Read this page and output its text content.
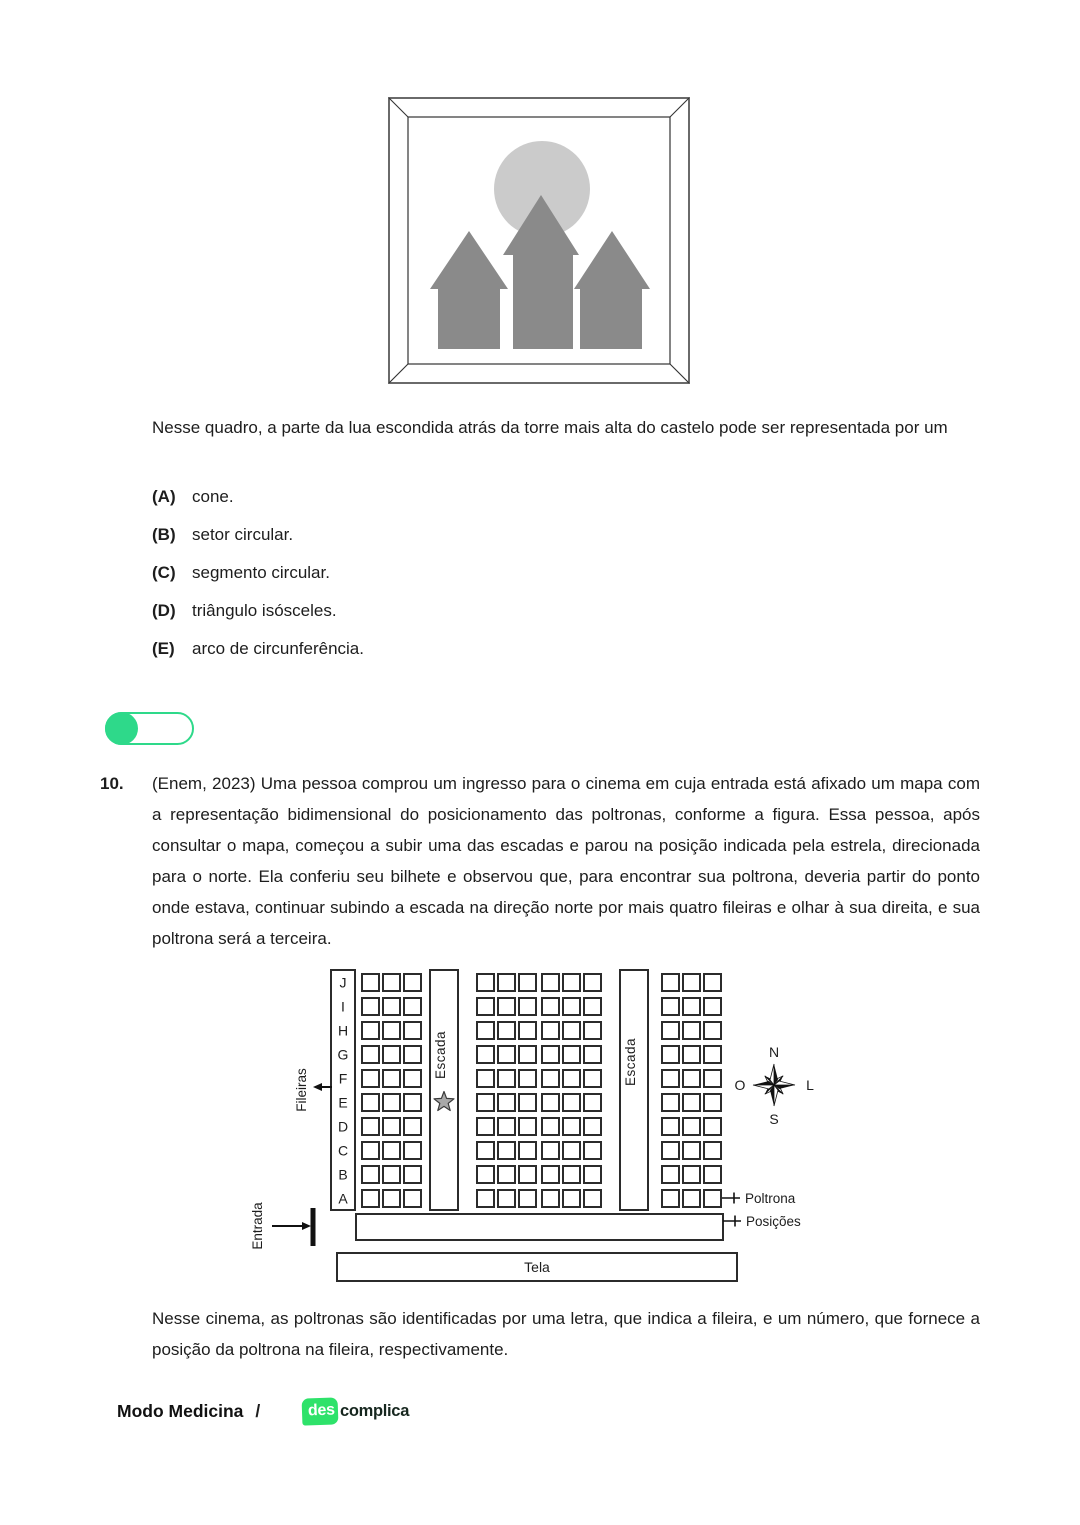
Nesse quadro, a parte da lua escondida atrás da torre mais alta do castelo pode ser representada por um

(A) cone.
(B) setor circular.
(C) segmento circular.
(D) triângulo isósceles.
(E) arco de circunferência.
10. (Enem, 2023) Uma pessoa comprou um ingresso para o cinema em cuja entrada está afixado um mapa com a representação bidimensional do posicionamento das poltronas, conforme a figura. Essa pessoa, após consultar o mapa, começou a subir uma das escadas e parou na posição indicada pela estrela, direcionada para o norte. Ela conferiu seu bilhete e observou que, para encontrar sua poltrona, deveria partir do ponto onde estava, continuar subindo a escada na direção norte por mais quatro fileiras e olhar à sua direita, e sua poltrona será a terceira.

Escada	Escada
J
I
H
G
F
E
D
C
B
A
Fileiras
Poltrona
Posições
Entrada
Tela
N
S
O	L

Nesse cinema, as poltronas são identificadas por uma letra, que indica a fileira, e um número, que fornece a posição da poltrona na fileira, respectivamente.

Modo Medicina /	des complica
